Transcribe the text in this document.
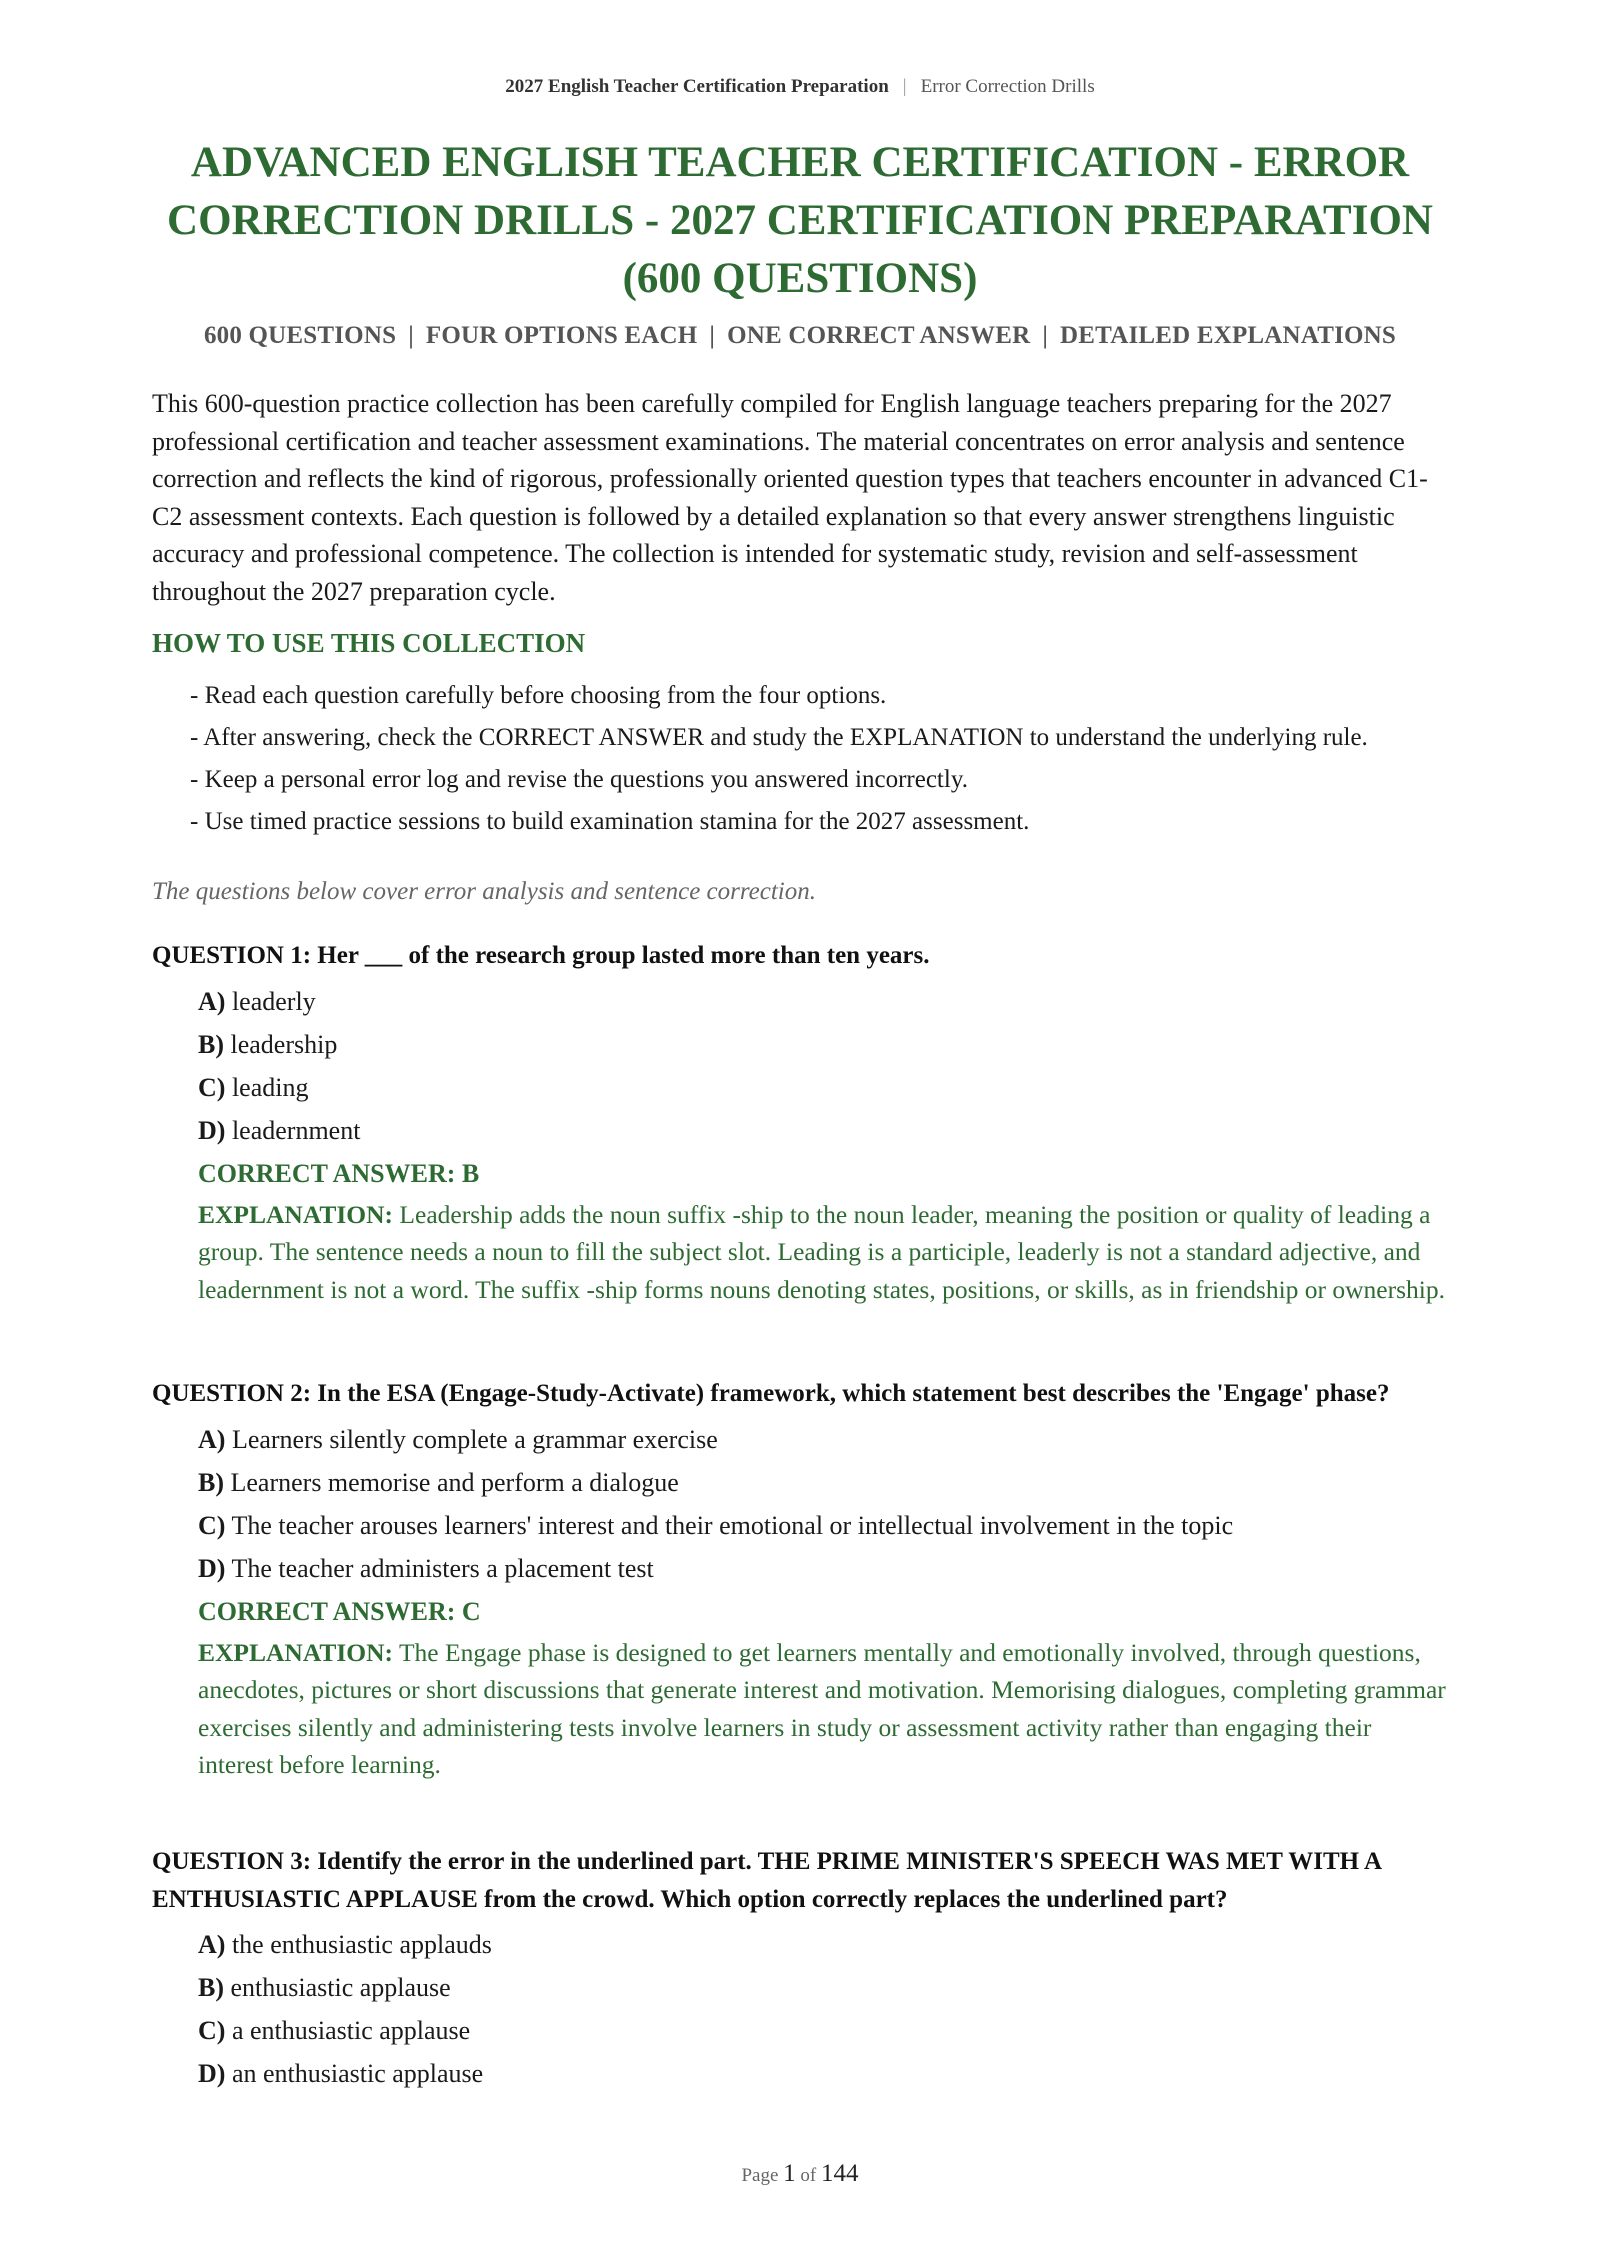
2027 English Teacher Certification Preparation | Error Correction Drills
ADVANCED ENGLISH TEACHER CERTIFICATION - ERROR CORRECTION DRILLS - 2027 CERTIFICATION PREPARATION (600 QUESTIONS)
600 QUESTIONS | FOUR OPTIONS EACH | ONE CORRECT ANSWER | DETAILED EXPLANATIONS

This 600-question practice collection has been carefully compiled for English language teachers preparing for the 2027 professional certification and teacher assessment examinations. The material concentrates on error analysis and sentence correction and reflects the kind of rigorous, professionally oriented question types that teachers encounter in advanced C1-C2 assessment contexts. Each question is followed by a detailed explanation so that every answer strengthens linguistic accuracy and professional competence. The collection is intended for systematic study, revision and self-assessment throughout the 2027 preparation cycle.

HOW TO USE THIS COLLECTION
- Read each question carefully before choosing from the four options.
- After answering, check the CORRECT ANSWER and study the EXPLANATION to understand the underlying rule.
- Keep a personal error log and revise the questions you answered incorrectly.
- Use timed practice sessions to build examination stamina for the 2027 assessment.

The questions below cover error analysis and sentence correction.

QUESTION 1: Her ___ of the research group lasted more than ten years.

A) leaderly
B) leadership
C) leading
D) leadernment

CORRECT ANSWER: B

EXPLANATION: Leadership adds the noun suffix -ship to the noun leader, meaning the position or quality of leading a group. The sentence needs a noun to fill the subject slot. Leading is a participle, leaderly is not a standard adjective, and leadernment is not a word. The suffix -ship forms nouns denoting states, positions, or skills, as in friendship or ownership.

QUESTION 2: In the ESA (Engage-Study-Activate) framework, which statement best describes the 'Engage' phase?

A) Learners silently complete a grammar exercise
B) Learners memorise and perform a dialogue
C) The teacher arouses learners' interest and their emotional or intellectual involvement in the topic
D) The teacher administers a placement test

CORRECT ANSWER: C

EXPLANATION: The Engage phase is designed to get learners mentally and emotionally involved, through questions, anecdotes, pictures or short discussions that generate interest and motivation. Memorising dialogues, completing grammar exercises silently and administering tests involve learners in study or assessment activity rather than engaging their interest before learning.

QUESTION 3: Identify the error in the underlined part. THE PRIME MINISTER'S SPEECH WAS MET WITH A ENTHUSIASTIC APPLAUSE from the crowd. Which option correctly replaces the underlined part?

A) the enthusiastic applauds
B) enthusiastic applause
C) a enthusiastic applause
D) an enthusiastic applause
Page 1 of 144
